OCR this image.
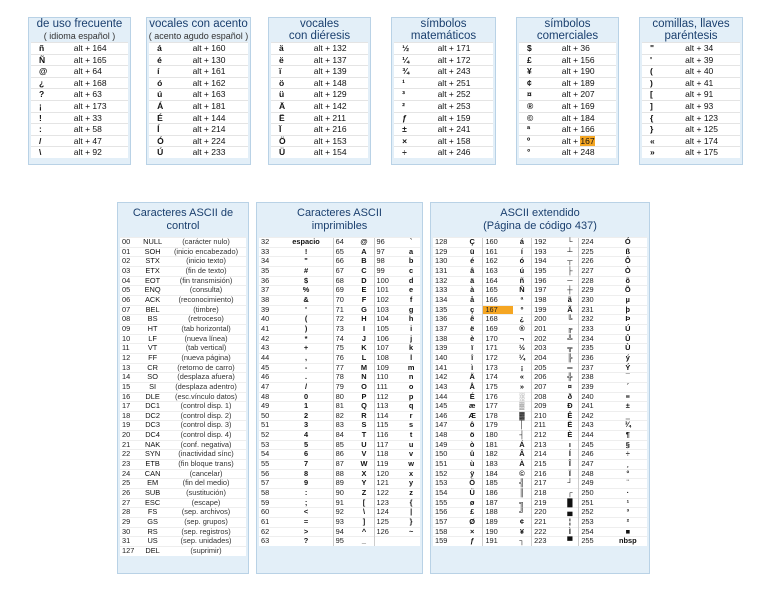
de uso frecuente
( idioma español )
ñ	alt + 164
Ñ	alt + 165
@	alt + 64
¿	alt + 168
?	alt + 63
¡	alt + 173
!	alt + 33
:	alt + 58
/	alt + 47
\	alt + 92
vocales con acento
( acento agudo español )
á	alt + 160
é	alt + 130
í	alt + 161
ó	alt + 162
ú	alt + 163
Á	alt + 181
É	alt + 144
Í	alt + 214
Ó	alt + 224
Ú	alt + 233
vocales
con diéresis
ä	alt + 132
ë	alt + 137
ï	alt + 139
ö	alt + 148
ü	alt + 129
Ä	alt + 142
Ë	alt + 211
Ï	alt + 216
Ö	alt + 153
Ü	alt + 154
símbolos
matemáticos
½	alt + 171
¼	alt + 172
¾	alt + 243
¹	alt + 251
³	alt + 252
²	alt + 253
ƒ	alt + 159
±	alt + 241
×	alt + 158
÷	alt + 246
símbolos
comerciales
$	alt + 36
£	alt + 156
¥	alt + 190
¢	alt + 189
¤	alt + 207
®	alt + 169
©	alt + 184
ª	alt + 166
º	alt + 167
°	alt + 248
comillas, llaves
paréntesis
"	alt + 34
'	alt + 39
(	alt + 40
)	alt + 41
[	alt + 91
]	alt + 93
{	alt + 123
}	alt + 125
«	alt + 174
»	alt + 175
Caracteres ASCII de
control
00	NULL	(carácter nulo)
01	SOH	(inicio encabezado)
02	STX	(inicio texto)
03	ETX	(fin de texto)
04	EOT	(fin transmisión)
05	ENQ	(consulta)
06	ACK	(reconocimiento)
07	BEL	(timbre)
08	BS	(retroceso)
09	HT	(tab horizontal)
10	LF	(nueva línea)
11	VT	(tab vertical)
12	FF	(nueva página)
13	CR	(retorno de carro)
14	SO	(desplaza afuera)
15	SI	(desplaza adentro)
16	DLE	(esc.vínculo datos)
17	DC1	(control disp. 1)
18	DC2	(control disp. 2)
19	DC3	(control disp. 3)
20	DC4	(control disp. 4)
21	NAK	(conf. negativa)
22	SYN	(inactividad sínc)
23	ETB	(fin bloque trans)
24	CAN	(cancelar)
25	EM	(fin del medio)
26	SUB	(sustitución)
27	ESC	(escape)
28	FS	(sep. archivos)
29	GS	(sep. grupos)
30	RS	(sep. registros)
31	US	(sep. unidades)
127	DEL	(suprimir)
Caracteres ASCII
imprimibles
32	espacio	64	@	96	`
33	!	65	A	97	a
34	"	66	B	98	b
35	#	67	C	99	c
36	$	68	D	100	d
37	%	69	E	101	e
38	&	70	F	102	f
39	'	71	G	103	g
40	(	72	H	104	h
41	)	73	I	105	i
42	*	74	J	106	j
43	+	75	K	107	k
44	,	76	L	108	l
45	-	77	M	109	m
46	.	78	N	110	n
47	/	79	O	111	o
48	0	80	P	112	p
49	1	81	Q	113	q
50	2	82	R	114	r
51	3	83	S	115	s
52	4	84	T	116	t
53	5	85	U	117	u
54	6	86	V	118	v
55	7	87	W	119	w
56	8	88	X	120	x
57	9	89	Y	121	y
58	:	90	Z	122	z
59	;	91	[	123	{
60	<	92	\	124	|
61	=	93	]	125	}
62	>	94	^	126	~
63	?	95	_		
ASCII extendido
(Página de código 437)
128	Ç	160	á	192	└	224	Ó
129	ü	161	í	193	┴	225	ß
130	é	162	ó	194	┬	226	Ô
131	â	163	ú	195	├	227	Ò
132	ä	164	ñ	196	─	228	õ
133	à	165	Ñ	197	┼	229	Õ
134	å	166	ª	198	ã	230	µ
135	ç	167	º	199	Ã	231	þ
136	ê	168	¿	200	╚	232	Þ
137	ë	169	®	201	╔	233	Ú
138	è	170	¬	202	╩	234	Û
139	ï	171	½	203	╦	235	Ù
140	î	172	¼	204	╠	236	ý
141	ì	173	¡	205	═	237	Ý
142	Ä	174	«	206	╬	238	¯
143	Å	175	»	207	¤	239	´
144	É	176	░	208	ð	240	≡
145	æ	177	▒	209	Ð	241	±
146	Æ	178	▓	210	Ê	242	‗
147	ô	179	│	211	Ë	243	¾
148	ö	180	┤	212	È	244	¶
149	ò	181	Á	213	ı	245	§
150	û	182	Â	214	Í	246	÷
151	ù	183	À	215	Î	247	¸
152	ÿ	184	©	216	Ï	248	°
153	Ö	185	╣	217	┘	249	¨
154	Ü	186	║	218	┌	250	·
155	ø	187	╗	219	█	251	¹
156	£	188	╝	220	▄	252	³
157	Ø	189	¢	221	¦	253	²
158	×	190	¥	222	Ì	254	■
159	ƒ	191	┐	223	▀	255	nbsp
